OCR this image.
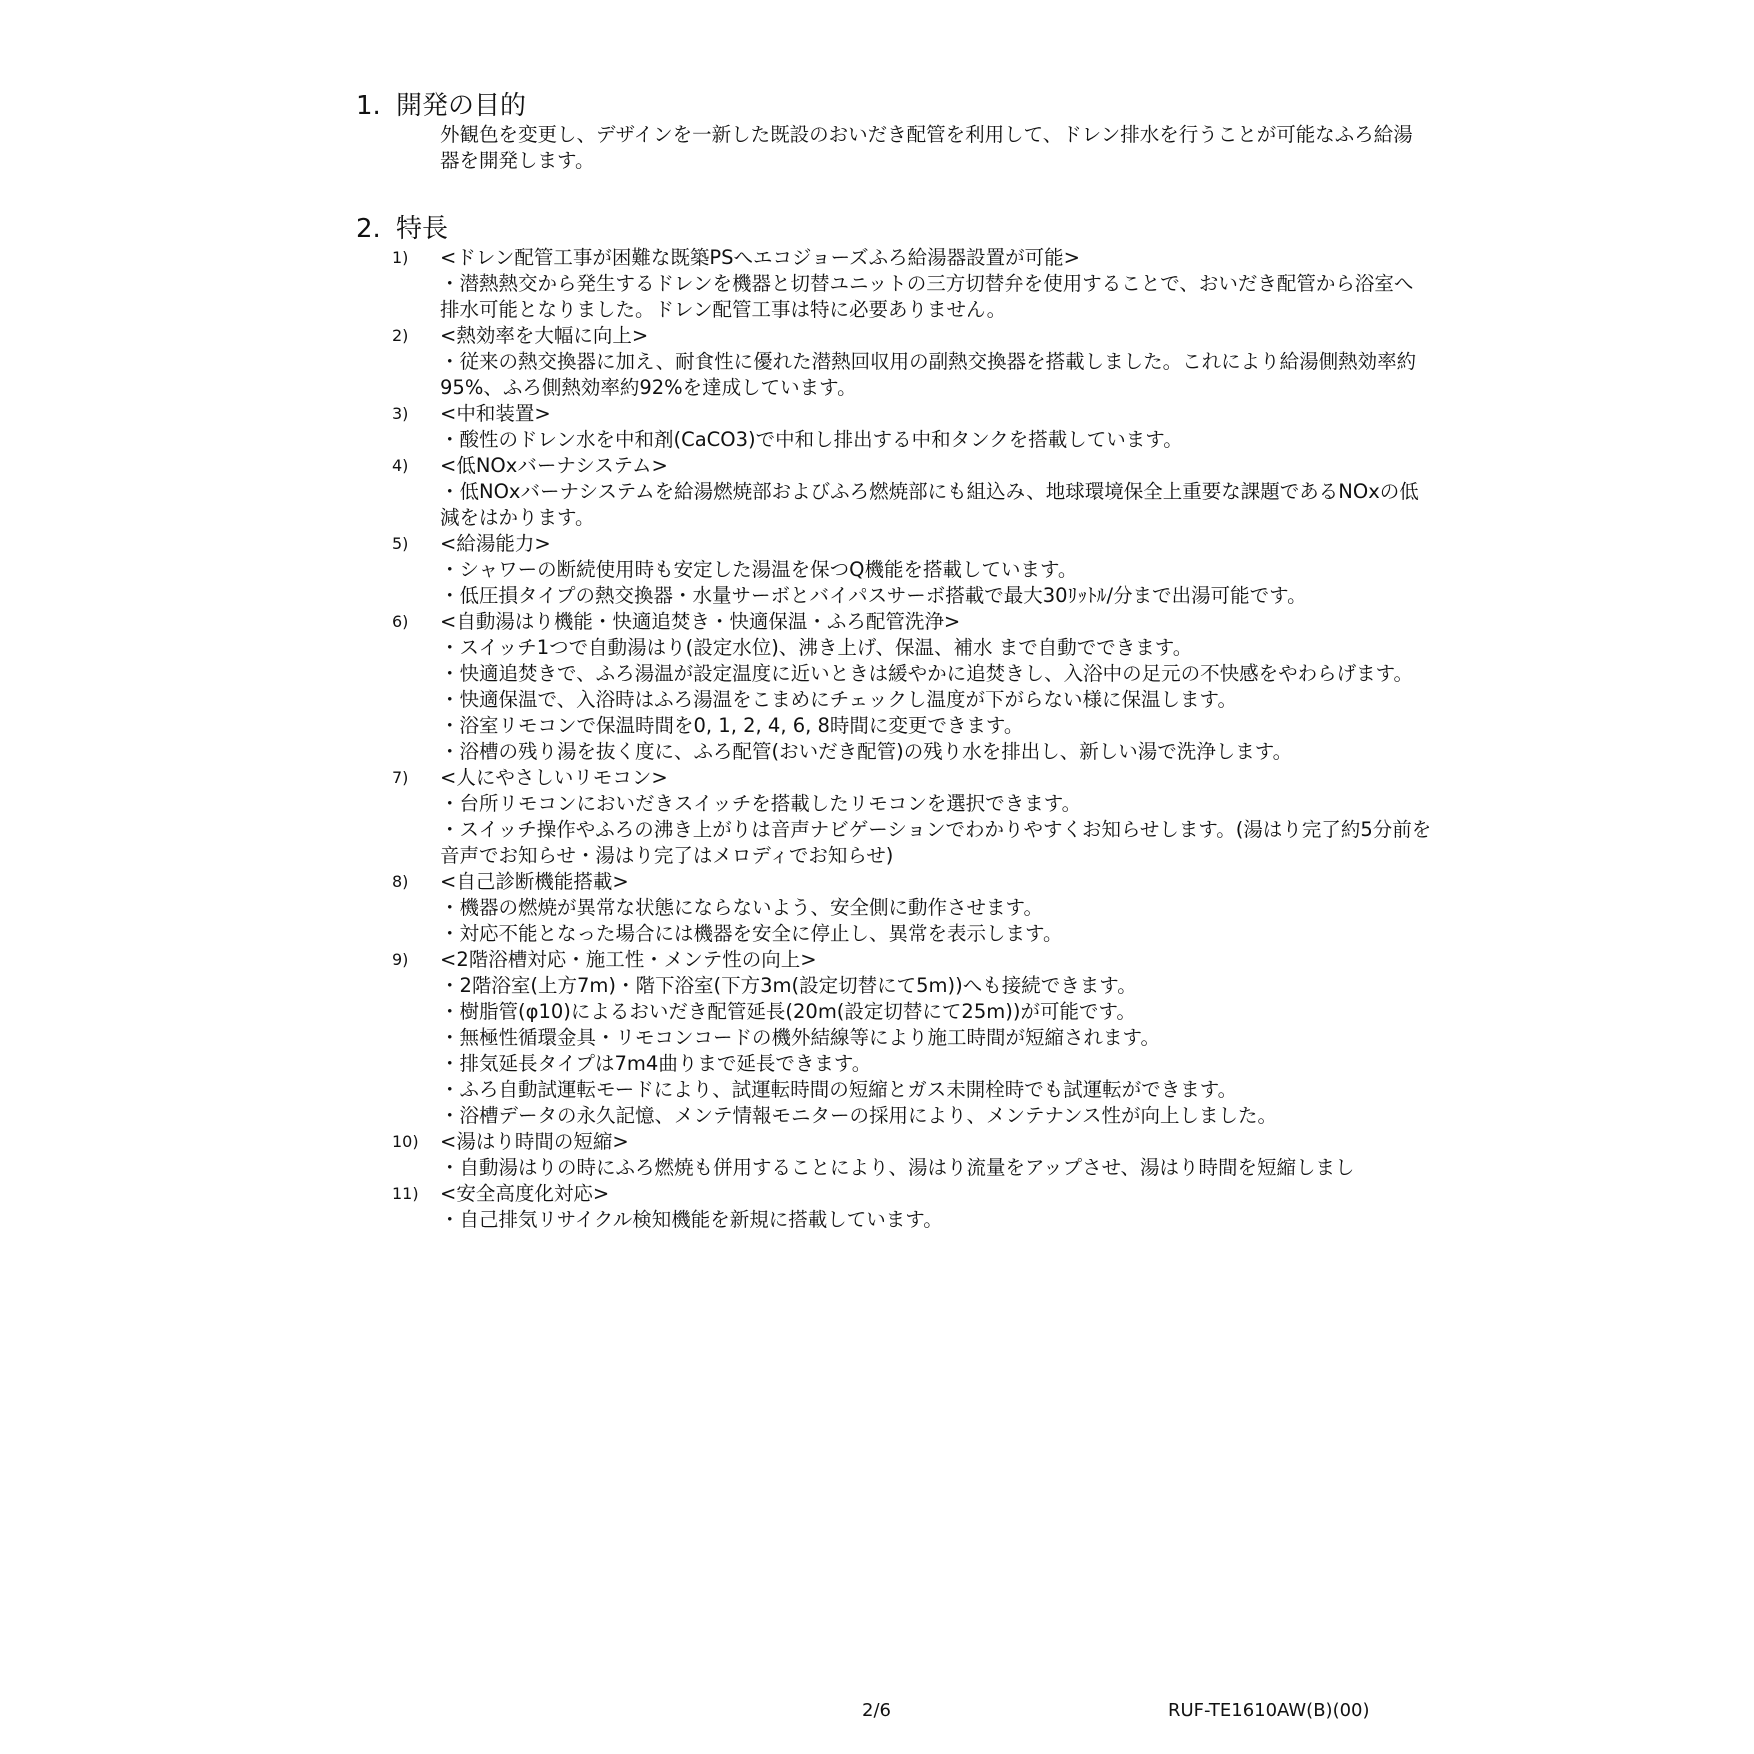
1. 開発の目的
外観色を変更し、デザインを一新した既設のおいだき配管を利用して、ドレン排水を行うことが可能なふろ給湯器を開発します。
2. 特長
1)	<ドレン配管工事が困難な既築PSへエコジョーズふろ給湯器設置が可能>
・潜熱熱交から発生するドレンを機器と切替ユニットの三方切替弁を使用することで、おいだき配管から浴室へ排水可能となりました。ドレン配管工事は特に必要ありません。
2)	<熱効率を大幅に向上>
・従来の熱交換器に加え、耐食性に優れた潜熱回収用の副熱交換器を搭載しました。これにより給湯側熱効率約95%、ふろ側熱効率約92%を達成しています。
3)	<中和装置>
・酸性のドレン水を中和剤(CaCO3)で中和し排出する中和タンクを搭載しています。
4)	<低NOxバーナシステム>
・低NOxバーナシステムを給湯燃焼部およびふろ燃焼部にも組込み、地球環境保全上重要な課題であるNOxの低減をはかります。
5)	<給湯能力>
・シャワーの断続使用時も安定した湯温を保つQ機能を搭載しています。
・低圧損タイプの熱交換器・水量サーボとバイパスサーボ搭載で最大30ﾘｯﾄﾙ/分まで出湯可能です。
6)	<自動湯はり機能・快適追焚き・快適保温・ふろ配管洗浄>
・スイッチ1つで自動湯はり(設定水位)、沸き上げ、保温、補水 まで自動でできます。
・快適追焚きで、ふろ湯温が設定温度に近いときは緩やかに追焚きし、入浴中の足元の不快感をやわらげます。
・快適保温で、入浴時はふろ湯温をこまめにチェックし温度が下がらない様に保温します。
・浴室リモコンで保温時間を0, 1, 2, 4, 6, 8時間に変更できます。
・浴槽の残り湯を抜く度に、ふろ配管(おいだき配管)の残り水を排出し、新しい湯で洗浄します。
7)	<人にやさしいリモコン>
・台所リモコンにおいだきスイッチを搭載したリモコンを選択できます。
・スイッチ操作やふろの沸き上がりは音声ナビゲーションでわかりやすくお知らせします。(湯はり完了約5分前を音声でお知らせ・湯はり完了はメロディでお知らせ)
8)	<自己診断機能搭載>
・機器の燃焼が異常な状態にならないよう、安全側に動作させます。
・対応不能となった場合には機器を安全に停止し、異常を表示します。
9)	<2階浴槽対応・施工性・メンテ性の向上>
・2階浴室(上方7m)・階下浴室(下方3m(設定切替にて5m))へも接続できます。
・樹脂管(φ10)によるおいだき配管延長(20m(設定切替にて25m))が可能です。
・無極性循環金具・リモコンコードの機外結線等により施工時間が短縮されます。
・排気延長タイプは7m4曲りまで延長できます。
・ふろ自動試運転モードにより、試運転時間の短縮とガス未開栓時でも試運転ができます。
・浴槽データの永久記憶、メンテ情報モニターの採用により、メンテナンス性が向上しました。
10)	<湯はり時間の短縮>
・自動湯はりの時にふろ燃焼も併用することにより、湯はり流量をアップさせ、湯はり時間を短縮しまし
11)	<安全高度化対応>
・自己排気リサイクル検知機能を新規に搭載しています。
2/6	RUF-TE1610AW(B)(00)
